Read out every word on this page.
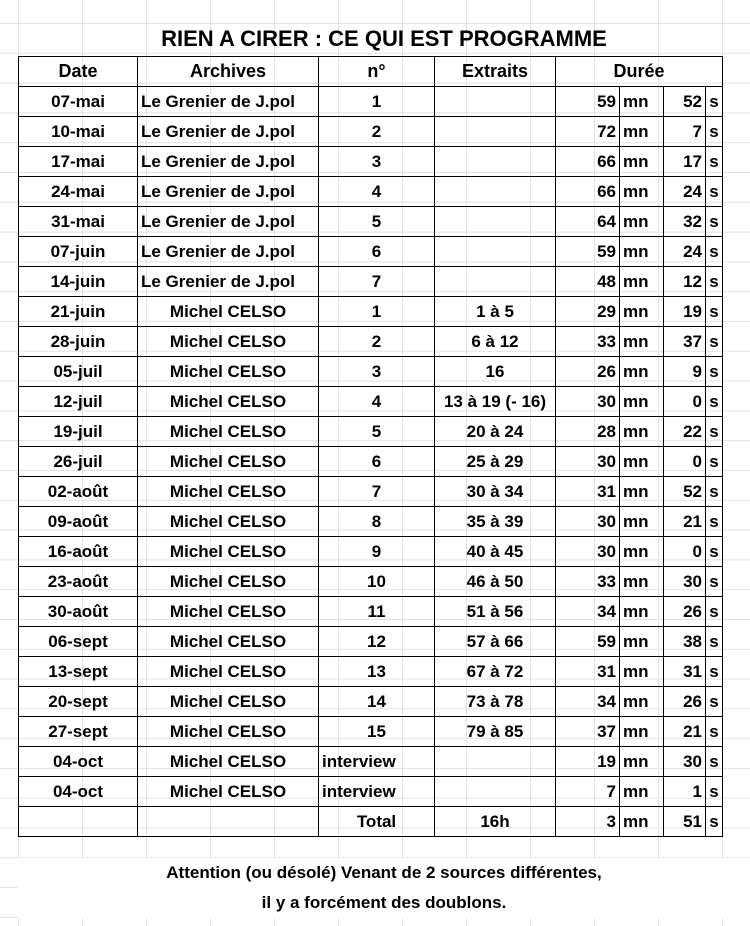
RIEN A CIRER : CE QUI EST PROGRAMME
Date	Archives	n°	Extraits	Durée			
07-mai	Le Grenier de J.pol	1		59	mn	52	s
10-mai	Le Grenier de J.pol	2		72	mn	7	s
17-mai	Le Grenier de J.pol	3		66	mn	17	s
24-mai	Le Grenier de J.pol	4		66	mn	24	s
31-mai	Le Grenier de J.pol	5		64	mn	32	s
07-juin	Le Grenier de J.pol	6		59	mn	24	s
14-juin	Le Grenier de J.pol	7		48	mn	12	s
21-juin	Michel CELSO	1	1 à 5	29	mn	19	s
28-juin	Michel CELSO	2	6 à 12	33	mn	37	s
05-juil	Michel CELSO	3	16	26	mn	9	s
12-juil	Michel CELSO	4	13 à 19 (- 16)	30	mn	0	s
19-juil	Michel CELSO	5	20 à 24	28	mn	22	s
26-juil	Michel CELSO	6	25 à 29	30	mn	0	s
02-août	Michel CELSO	7	30 à 34	31	mn	52	s
09-août	Michel CELSO	8	35 à 39	30	mn	21	s
16-août	Michel CELSO	9	40 à 45	30	mn	0	s
23-août	Michel CELSO	10	46 à 50	33	mn	30	s
30-août	Michel CELSO	11	51 à 56	34	mn	26	s
06-sept	Michel CELSO	12	57 à 66	59	mn	38	s
13-sept	Michel CELSO	13	67 à 72	31	mn	31	s
20-sept	Michel CELSO	14	73 à 78	34	mn	26	s
27-sept	Michel CELSO	15	79 à 85	37	mn	21	s
04-oct	Michel CELSO	interview		19	mn	30	s
04-oct	Michel CELSO	interview		7	mn	1	s
		Total	16h	3	mn	51	s
Attention (ou désolé) Venant de 2 sources différentes,
il y a forcément des doublons.
